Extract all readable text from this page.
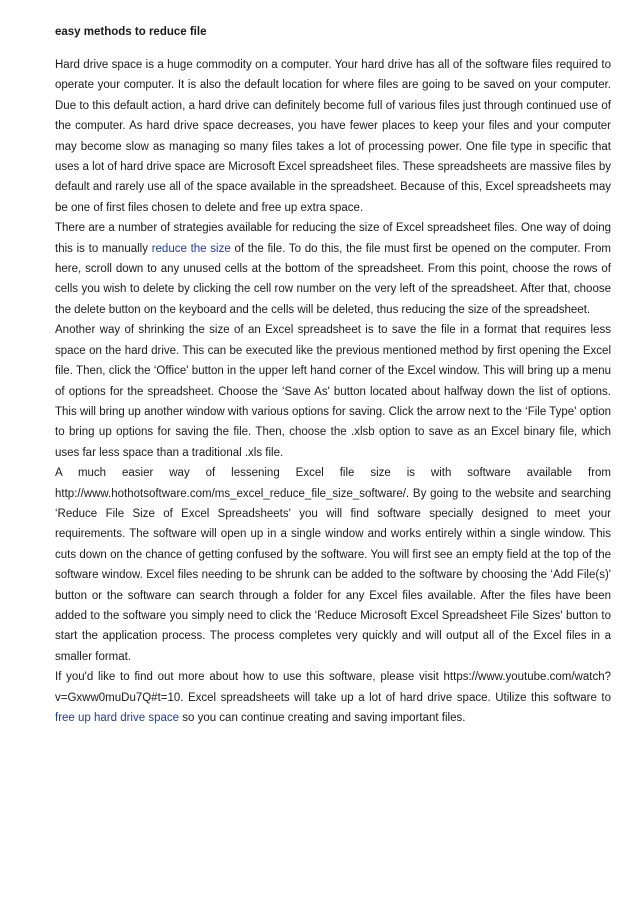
easy methods to reduce file

Hard drive space is a huge commodity on a computer. Your hard drive has all of the software files required to operate your computer. It is also the default location for where files are going to be saved on your computer. Due to this default action, a hard drive can definitely become full of various files just through continued use of the computer. As hard drive space decreases, you have fewer places to keep your files and your computer may become slow as managing so many files takes a lot of processing power. One file type in specific that uses a lot of hard drive space are Microsoft Excel spreadsheet files. These spreadsheets are massive files by default and rarely use all of the space available in the spreadsheet. Because of this, Excel spreadsheets may be one of first files chosen to delete and free up extra space.

There are a number of strategies available for reducing the size of Excel spreadsheet files. One way of doing this is to manually reduce the size of the file. To do this, the file must first be opened on the computer. From here, scroll down to any unused cells at the bottom of the spreadsheet. From this point, choose the rows of cells you wish to delete by clicking the cell row number on the very left of the spreadsheet. After that, choose the delete button on the keyboard and the cells will be deleted, thus reducing the size of the spreadsheet.

Another way of shrinking the size of an Excel spreadsheet is to save the file in a format that requires less space on the hard drive. This can be executed like the previous mentioned method by first opening the Excel file. Then, click the ‘Office' button in the upper left hand corner of the Excel window. This will bring up a menu of options for the spreadsheet. Choose the ‘Save As' button located about halfway down the list of options. This will bring up another window with various options for saving. Click the arrow next to the ‘File Type' option to bring up options for saving the file. Then, choose the .xlsb option to save as an Excel binary file, which uses far less space than a traditional .xls file.

A much easier way of lessening Excel file size is with software available from http://www.hothotsoftware.com/ms_excel_reduce_file_size_software/. By going to the website and searching ‘Reduce File Size of Excel Spreadsheets' you will find software specially designed to meet your requirements. The software will open up in a single window and works entirely within a single window. This cuts down on the chance of getting confused by the software. You will first see an empty field at the top of the software window. Excel files needing to be shrunk can be added to the software by choosing the ‘Add File(s)' button or the software can search through a folder for any Excel files available. After the files have been added to the software you simply need to click the ‘Reduce Microsoft Excel Spreadsheet File Sizes' button to start the application process. The process completes very quickly and will output all of the Excel files in a smaller format.

If you'd like to find out more about how to use this software, please visit https://www.youtube.com/watch?v=Gxww0muDu7Q#t=10. Excel spreadsheets will take up a lot of hard drive space. Utilize this software to free up hard drive space so you can continue creating and saving important files.
